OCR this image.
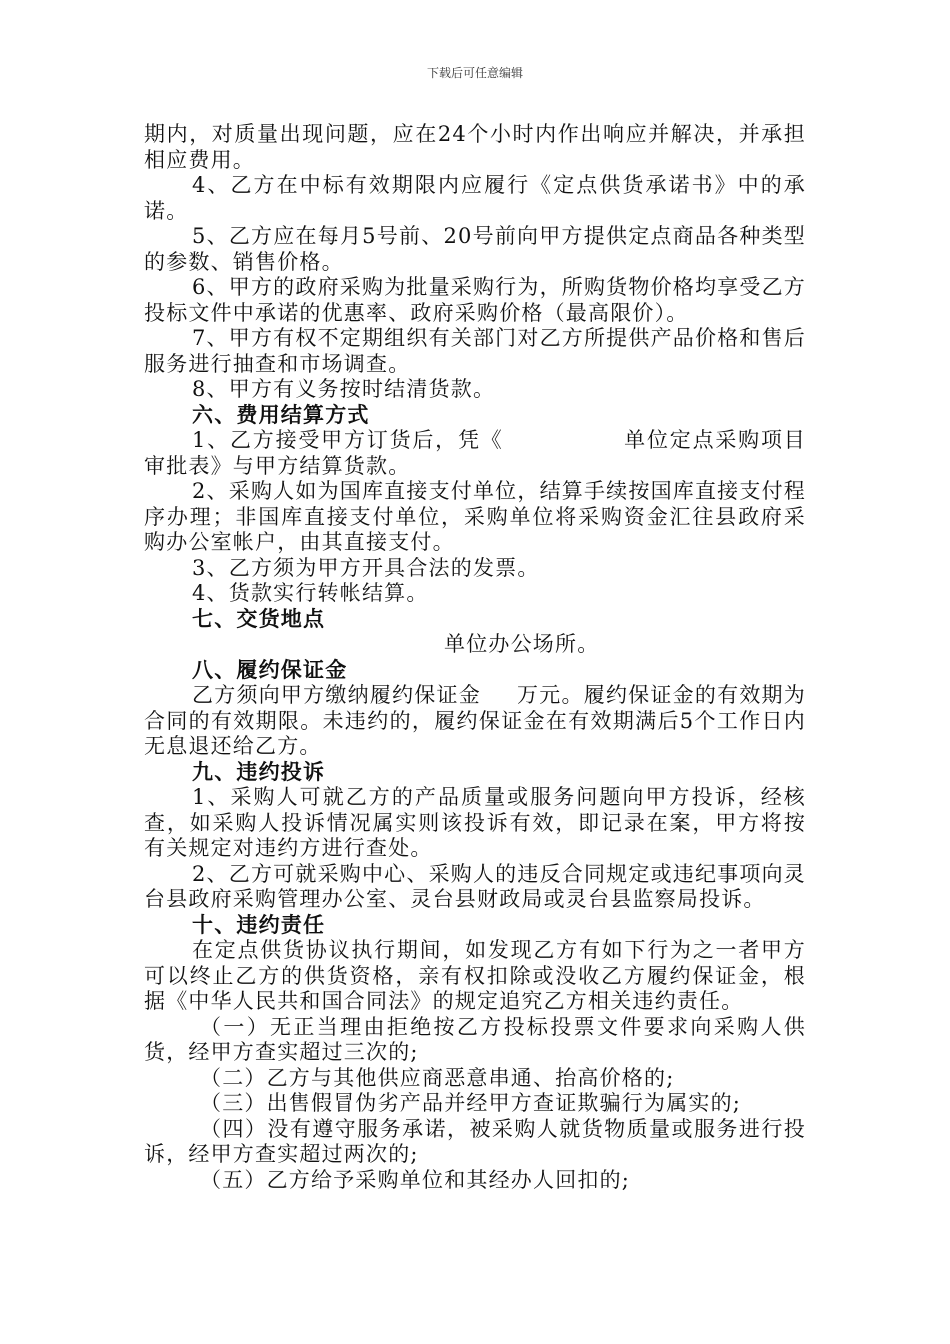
下载后可任意编辑

期内，对质量出现问题，应在24个小时内作出响应并解决，并承担相应费用。

4、乙方在中标有效期限内应履行《定点供货承诺书》中的承诺。

5、乙方应在每月5号前、20号前向甲方提供定点商品各种类型的参数、销售价格。

6、甲方的政府采购为批量采购行为，所购货物价格均享受乙方投标文件中承诺的优惠率、政府采购价格（最高限价）。

7、甲方有权不定期组织有关部门对乙方所提供产品价格和售后服务进行抽查和市场调查。

8、甲方有义务按时结清货款。

六、费用结算方式

1、乙方接受甲方订货后，凭《	单位定点采购项目审批表》与甲方结算货款。

2、采购人如为国库直接支付单位，结算手续按国库直接支付程序办理；非国库直接支付单位，采购单位将采购资金汇往县政府采购办公室帐户，由其直接支付。

3、乙方须为甲方开具合法的发票。

4、货款实行转帐结算。

七、交货地点

单位办公场所。

八、履约保证金

乙方须向甲方缴纳履约保证金 万元。履约保证金的有效期为合同的有效期限。未违约的，履约保证金在有效期满后5个工作日内无息退还给乙方。

九、违约投诉

1、采购人可就乙方的产品质量或服务问题向甲方投诉，经核查，如采购人投诉情况属实则该投诉有效，即记录在案，甲方将按有关规定对违约方进行查处。

2、乙方可就采购中心、采购人的违反合同规定或违纪事项向灵台县政府采购管理办公室、灵台县财政局或灵台县监察局投诉。

十、违约责任

在定点供货协议执行期间，如发现乙方有如下行为之一者甲方可以终止乙方的供货资格，亲有权扣除或没收乙方履约保证金，根据《中华人民共和国合同法》的规定追究乙方相关违约责任。

（一）无正当理由拒绝按乙方投标投票文件要求向采购人供货，经甲方查实超过三次的;

（二）乙方与其他供应商恶意串通、抬高价格的;

（三）出售假冒伪劣产品并经甲方查证欺骗行为属实的;

（四）没有遵守服务承诺，被采购人就货物质量或服务进行投诉，经甲方查实超过两次的;

（五）乙方给予采购单位和其经办人回扣的;
